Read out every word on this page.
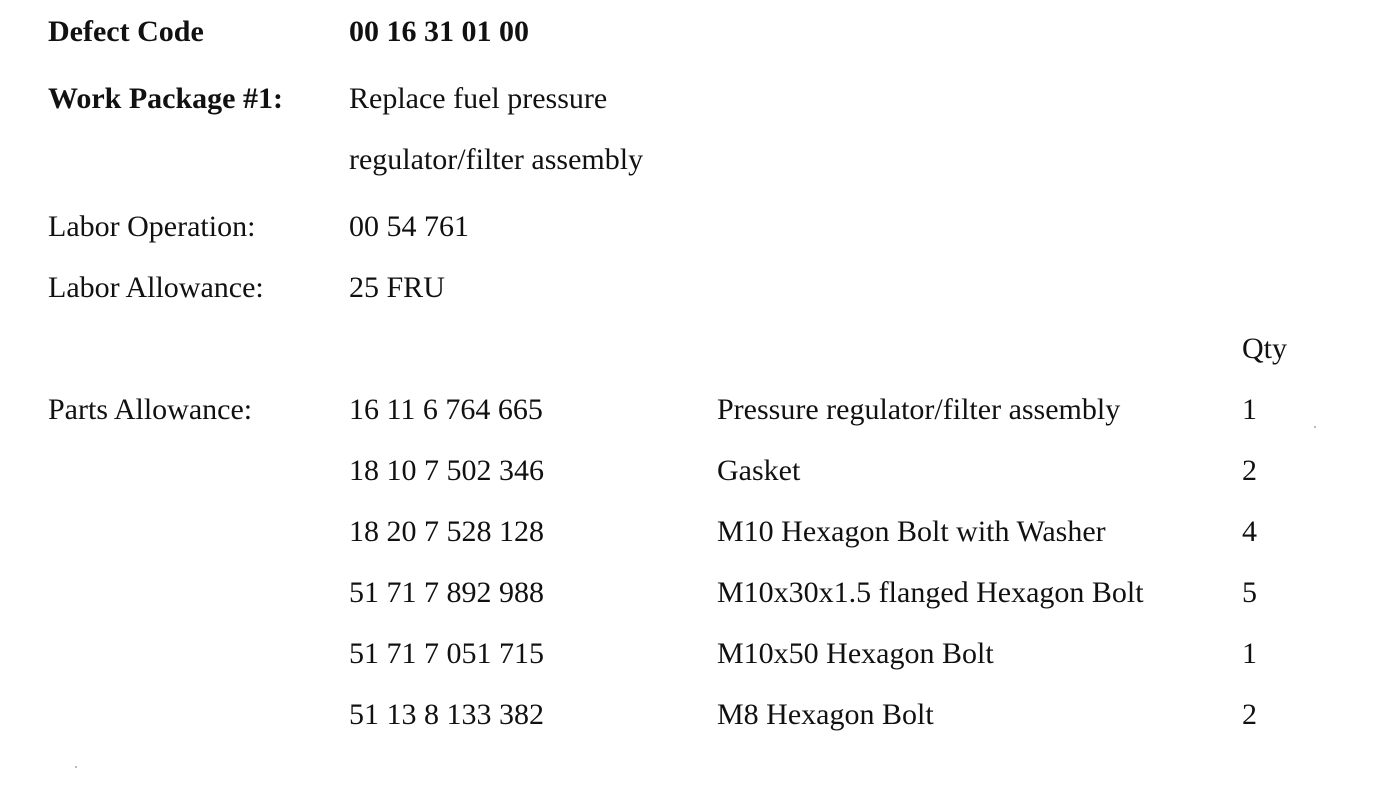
Defect Code	00 16 31 01 00
Work Package #1: Replace fuel pressure
regulator/filter assembly
Labor Operation:	00 54 761
Labor Allowance:	25 FRU
Qty
Parts Allowance:	16 11 6 764 665	Pressure regulator/filter assembly	1
18 10 7 502 346	Gasket	2
18 20 7 528 128	M10 Hexagon Bolt with Washer	4
51 71 7 892 988	M10x30x1.5 flanged Hexagon Bolt	5
51 71 7 051 715	M10x50 Hexagon Bolt	1
51 13 8 133 382	M8 Hexagon Bolt	2
